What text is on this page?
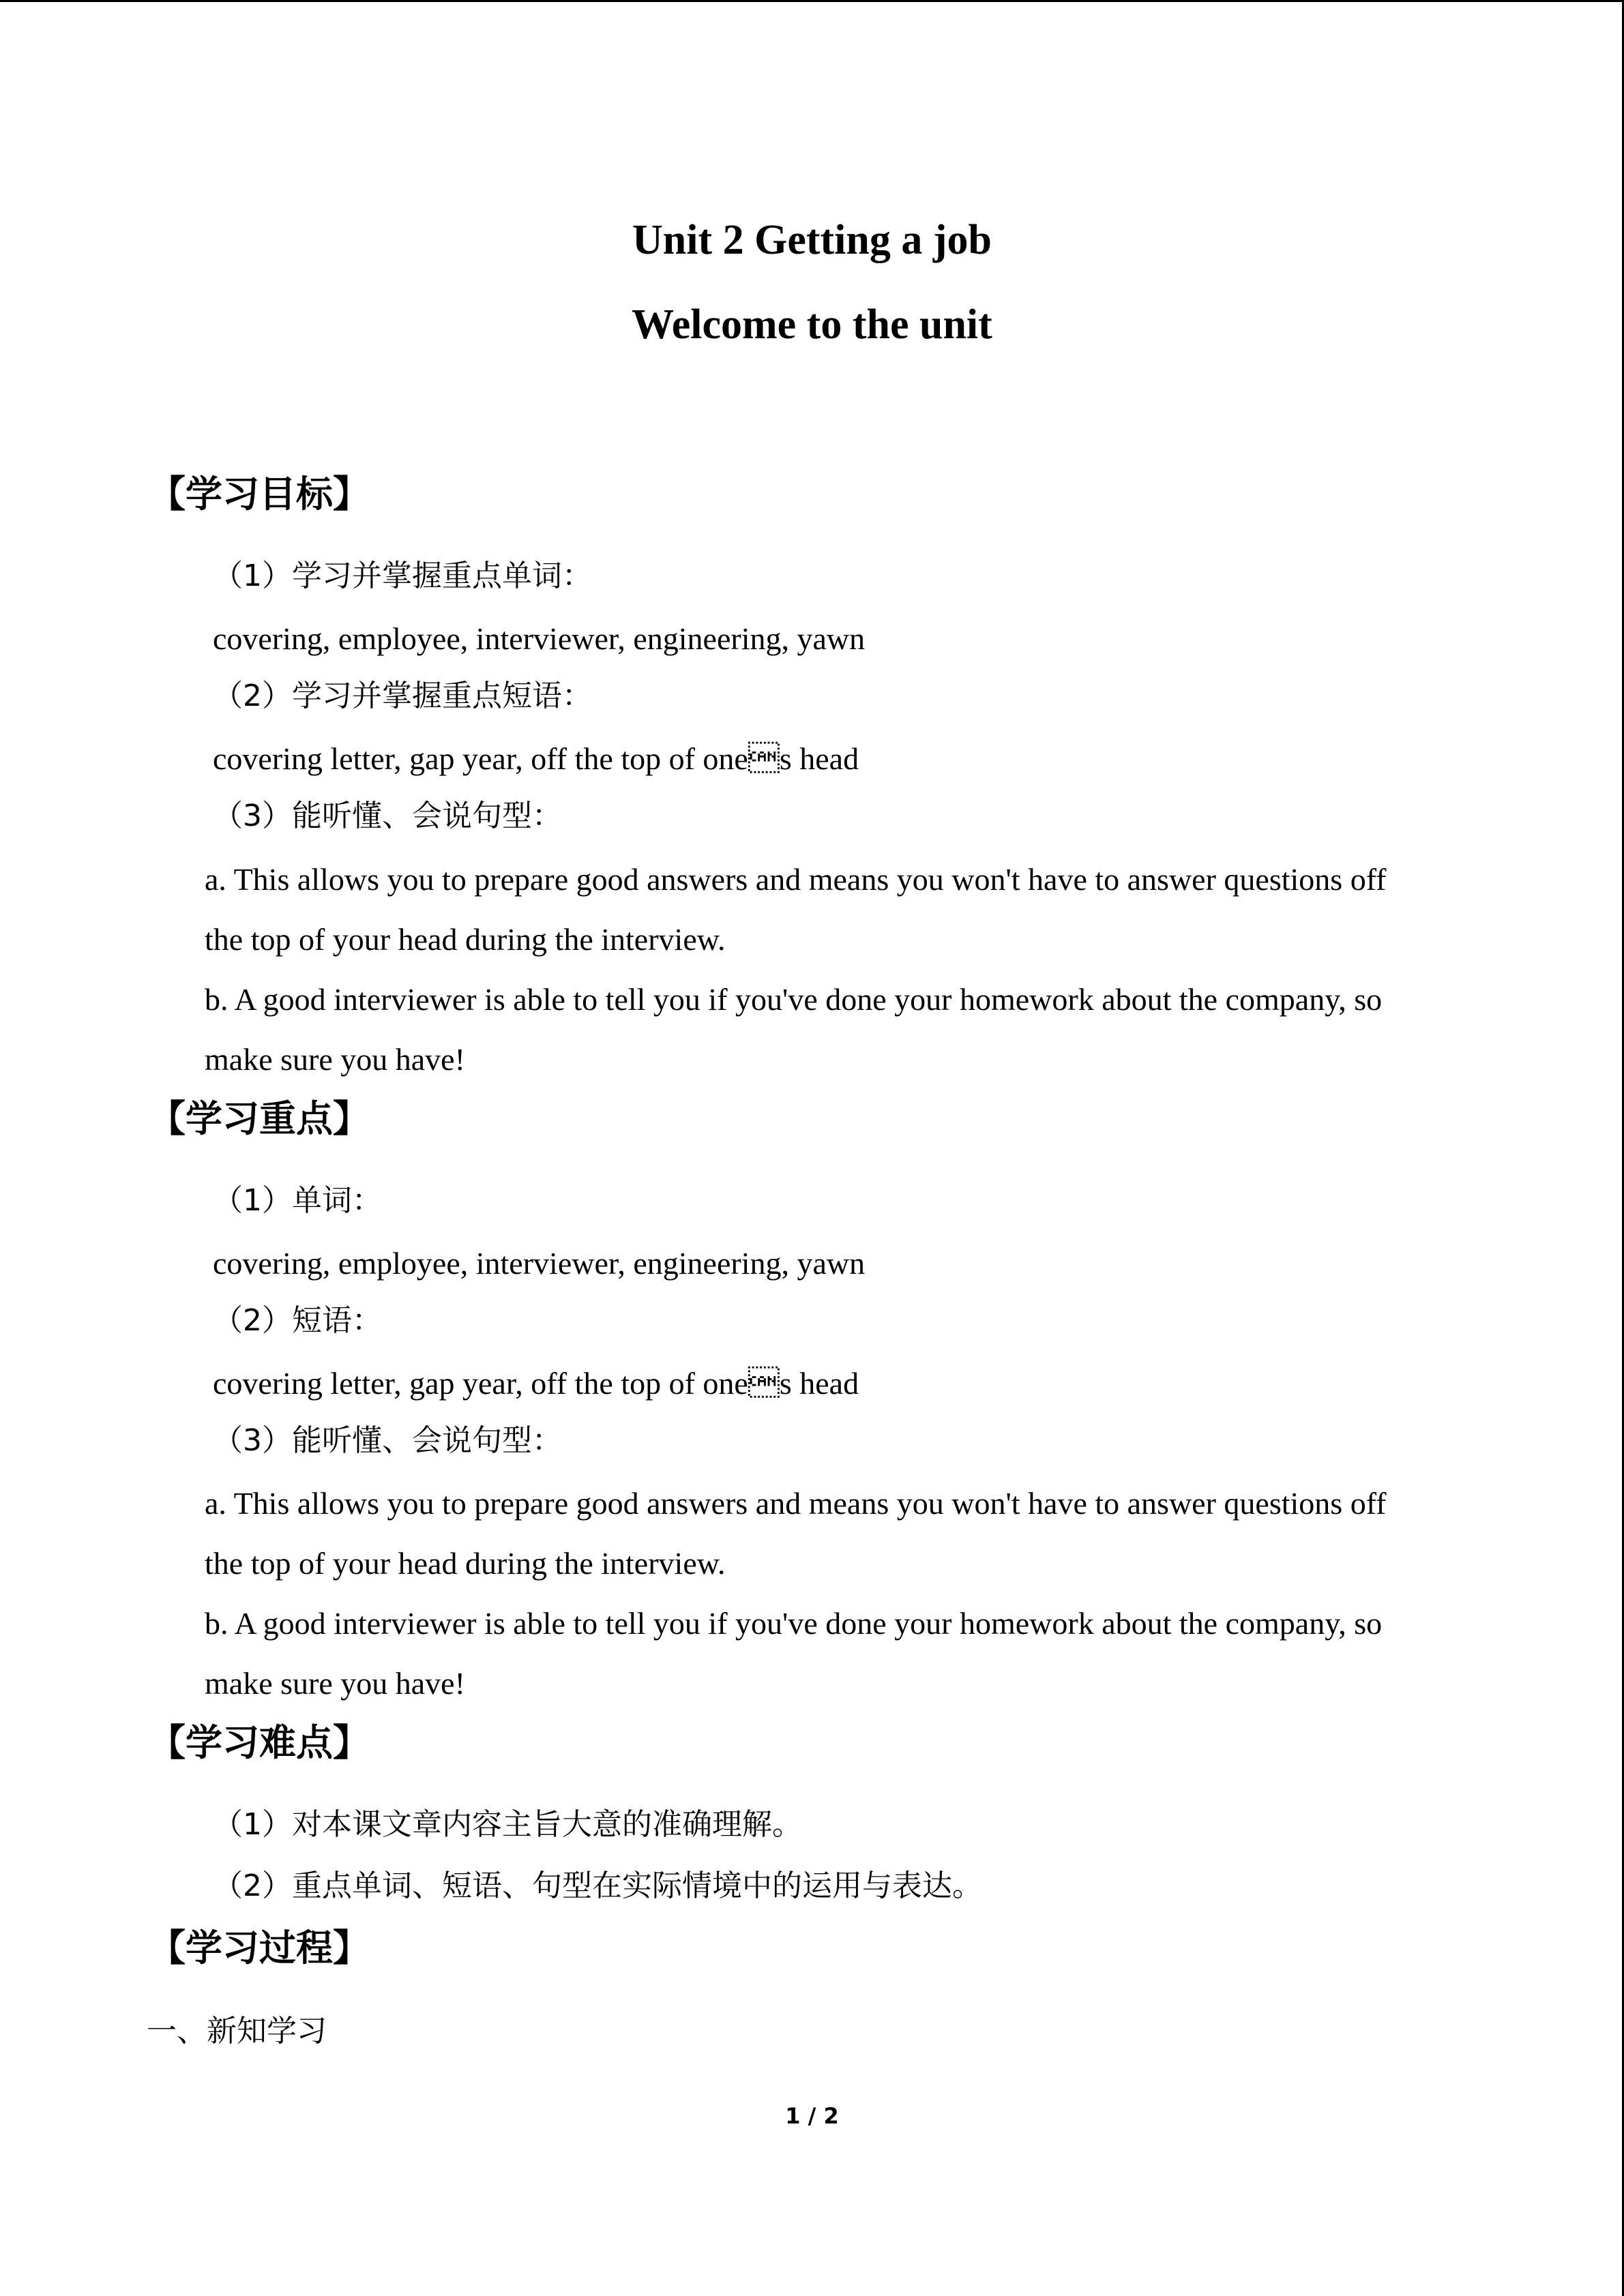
Unit 2 Getting a job
Welcome to the unit
【学习目标】
（1）学习并掌握重点单词：
covering, employee, interviewer, engineering, yawn
（2）学习并掌握重点短语：
covering letter, gap year, off the top of ones head
（3）能听懂、会说句型：
a. This allows you to prepare good answers and means you won't have to answer questions off
the top of your head during the interview.
b. A good interviewer is able to tell you if you've done your homework about the company, so
make sure you have!
【学习重点】
（1）单词：
covering, employee, interviewer, engineering, yawn
（2）短语：
covering letter, gap year, off the top of ones head
（3）能听懂、会说句型：
a. This allows you to prepare good answers and means you won't have to answer questions off
the top of your head during the interview.
b. A good interviewer is able to tell you if you've done your homework about the company, so
make sure you have!
【学习难点】
（1）对本课文章内容主旨大意的准确理解。
（2）重点单词、短语、句型在实际情境中的运用与表达。
【学习过程】
一、新知学习
1 / 2
